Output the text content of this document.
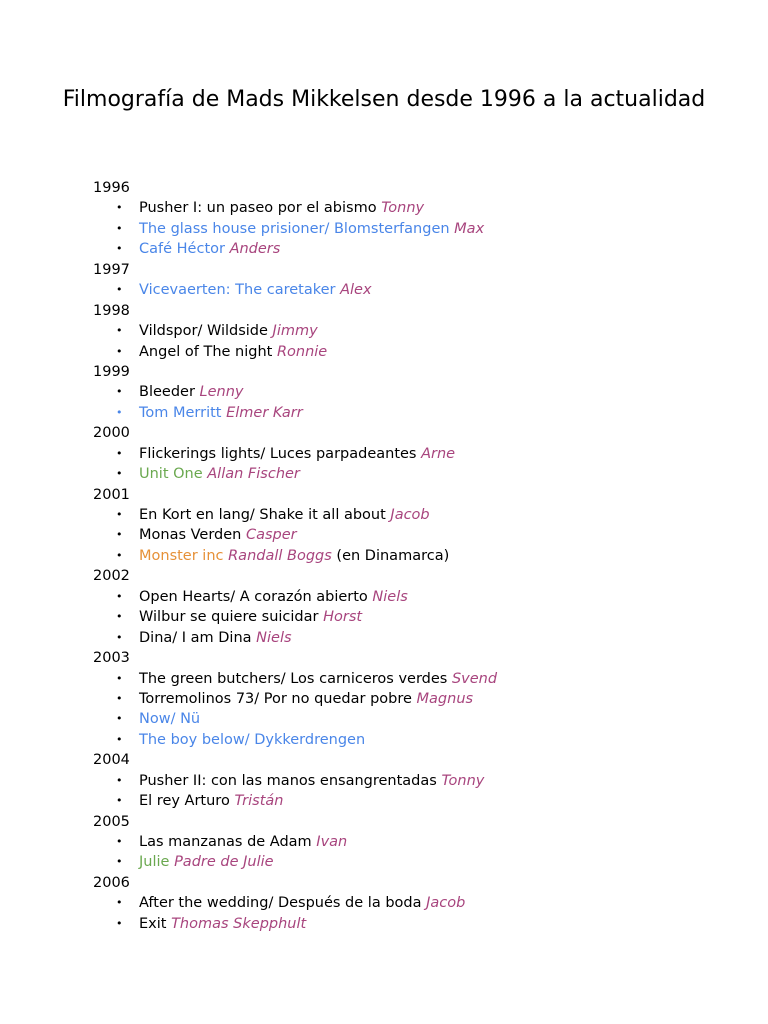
Filmografía de Mads Mikkelsen desde 1996 a la actualidad
1996
• Pusher I: un paseo por el abismo Tonny
• The glass house prisioner/ Blomsterfangen Max
• Café Héctor Anders
1997
• Vicevaerten: The caretaker Alex
1998
• Vildspor/ Wildside Jimmy
• Angel of The night Ronnie
1999
• Bleeder Lenny
• Tom Merritt Elmer Karr
2000
• Flickerings lights/ Luces parpadeantes Arne
• Unit One Allan Fischer
2001
• En Kort en lang/ Shake it all about Jacob
• Monas Verden Casper
• Monster inc Randall Boggs (en Dinamarca)
2002
• Open Hearts/ A corazón abierto Niels
• Wilbur se quiere suicidar Horst
• Dina/ I am Dina Niels
2003
• The green butchers/ Los carniceros verdes Svend
• Torremolinos 73/ Por no quedar pobre Magnus
• Now/ Nü
• The boy below/ Dykkerdrengen
2004
• Pusher II: con las manos ensangrentadas Tonny
• El rey Arturo Tristán
2005
• Las manzanas de Adam Ivan
• Julie Padre de Julie
2006
• After the wedding/ Después de la boda Jacob
• Exit Thomas Skepphult
